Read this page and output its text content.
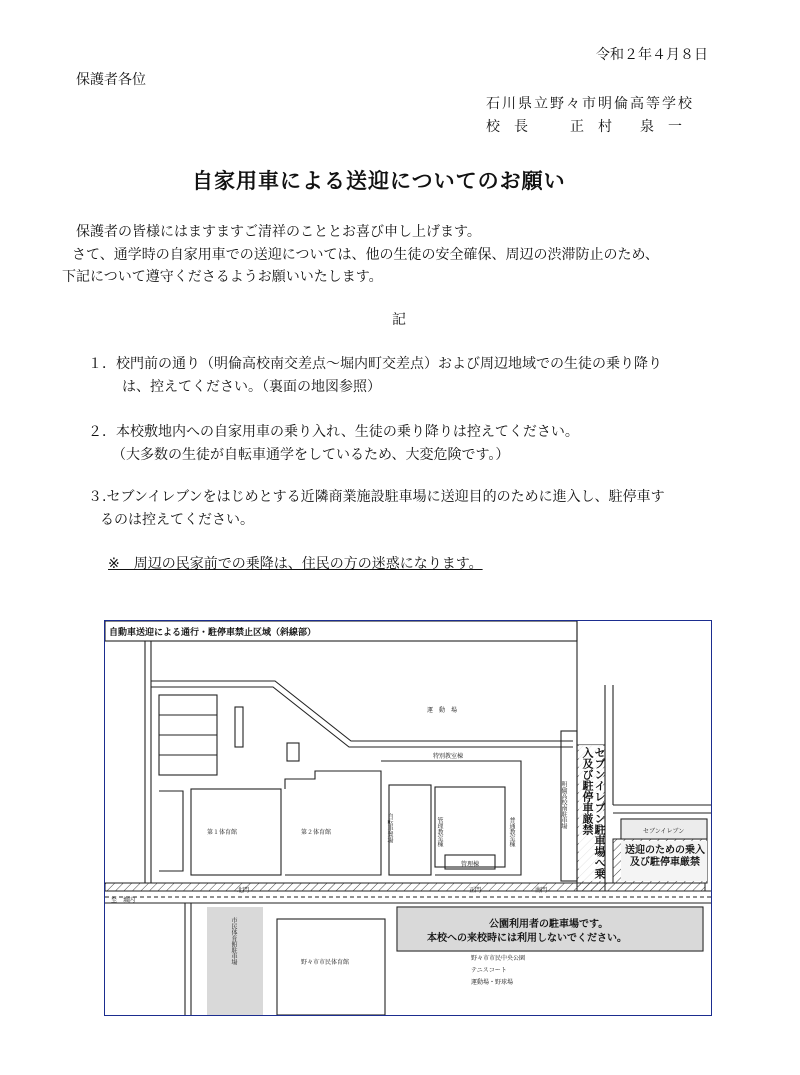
令和２年４月８日
保護者各位
石川県立野々市明倫高等学校
校　長　　　正　村　　泉　一
自家用車による送迎についてのお願い
保護者の皆様にはますますご清祥のこととお喜び申し上げます。
さて、通学時の自家用車での送迎については、他の生徒の安全確保、周辺の渋滞防止のため、
下記について遵守くださるようお願いいたします。
記
１．校門前の通り（明倫高校南交差点～堀内町交差点）および周辺地域での生徒の乗り降り
は、控えてください。（裏面の地図参照）
２．本校敷地内への自家用車の乗り入れ、生徒の乗り降りは控えてください。
（大多数の生徒が自転車通学をしているため、大変危険です。）
３.セブンイレブンをはじめとする近隣商業施設駐車場に送迎目的のために進入し、駐停車す
るのは控えてください。
※　周辺の民家前での乗降は、住民の方の迷惑になります。
自動車送迎による通行・駐停車禁止区域（斜線部）
運　動　場
特別教室棟
第１体育館	第２体育館	自転車置場	管理教室棟	普通教室棟
管理棟
明倫高校南駐車場	セブンイレブン駐車場へ乗入及び駐停車厳禁	セブンイレブン
送迎のための乗入及び駐停車厳禁
北門	正門	南門
至　堀内
市民体育館駐車場	野々市市民体育館
公園利用者の駐車場です。
本校への来校時には利用しないでください。
野々市市民中央公園
テニスコート
運動場・野球場
